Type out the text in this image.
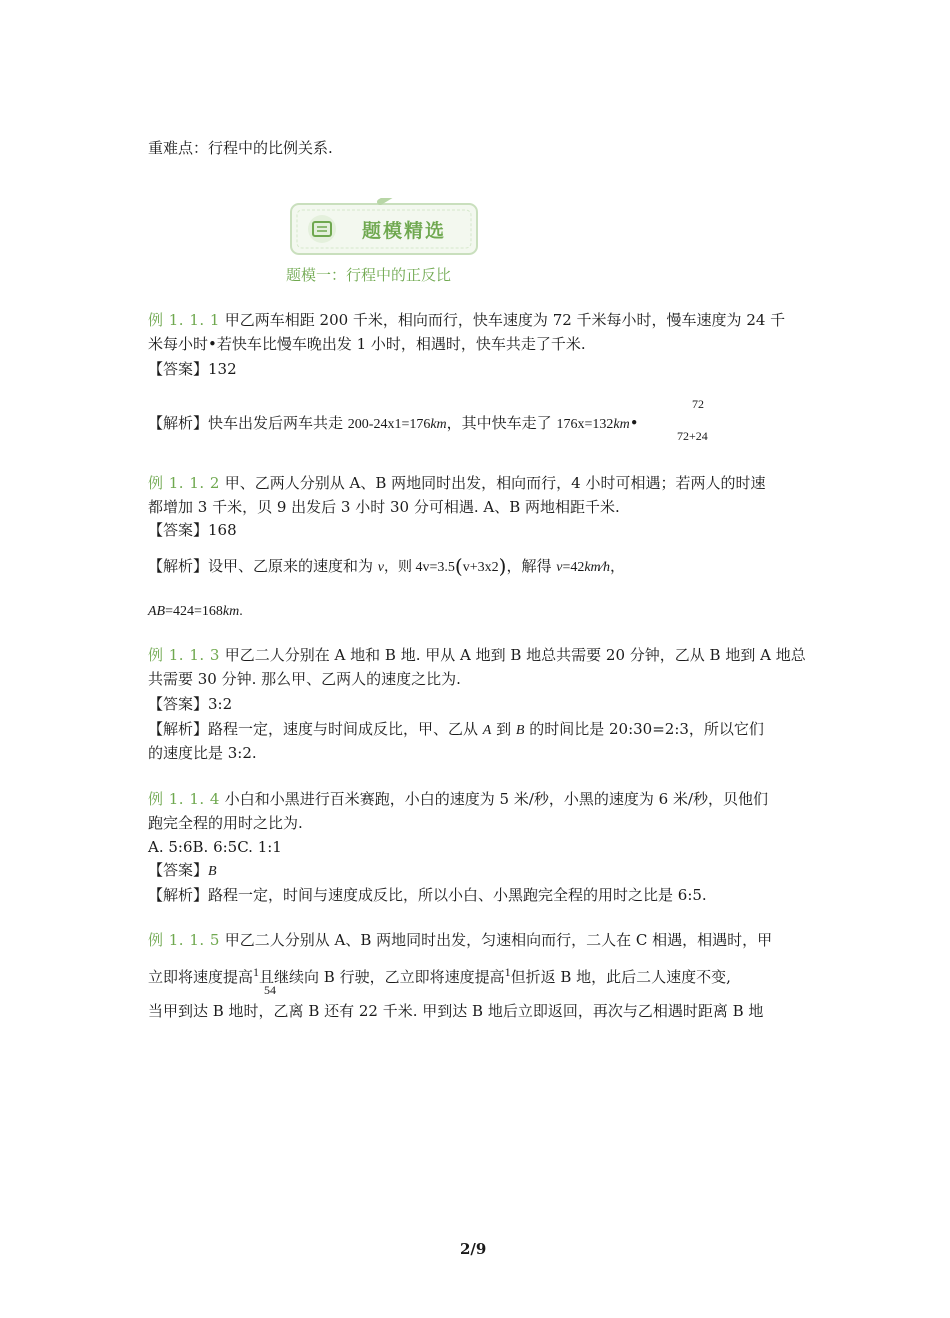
重难点：行程中的比例关系.
题模精选
题模一：行程中的正反比
例 1. 1. 1 甲乙两车相距 200 千米，相向而行，快车速度为 72 千米每小时，慢车速度为 24 千
米每小时•若快车比慢车晚出发 1 小时，相遇时，快车共走了千米.
【答案】132
72
72+24
【解析】快车出发后两车共走 200-24x1=176km，其中快车走了 176x=132km•
例 1. 1. 2 甲、乙两人分别从 A、B 两地同时出发，相向而行，4 小时可相遇；若两人的时速
都增加 3 千米，贝 9 出发后 3 小时 30 分可相遇. A、B 两地相距千米.
【答案】168
【解析】设甲、乙原来的速度和为 v，则 4v=3.5(v+3x2)，解得 v=42km⁄h，
AB=424=168km.
例 1. 1. 3 甲乙二人分别在 A 地和 B 地. 甲从 A 地到 B 地总共需要 20 分钟，乙从 B 地到 A 地总
共需要 30 分钟. 那么甲、乙两人的速度之比为.
【答案】3:2
【解析】路程一定，速度与时间成反比，甲、乙从 A 到 B 的时间比是 20:30=2:3，所以它们
的速度比是 3:2.
例 1. 1. 4 小白和小黑进行百米赛跑，小白的速度为 5 米/秒，小黑的速度为 6 米/秒，贝他们
跑完全程的用时之比为.
A. 5:6B. 6:5C. 1:1
【答案】B
【解析】路程一定，时间与速度成反比，所以小白、小黑跑完全程的用时之比是 6:5.
例 1. 1. 5 甲乙二人分别从 A、B 两地同时出发，匀速相向而行，二人在 C 相遇，相遇时，甲
立即将速度提高$^1$且继续向 B 行驶，乙立即将速度提高$^1$但折返 B 地，此后二人速度不变,
54
当甲到达 B 地时，乙离 B 还有 22 千米. 甲到达 B 地后立即返回，再次与乙相遇时距离 B 地
2/9
